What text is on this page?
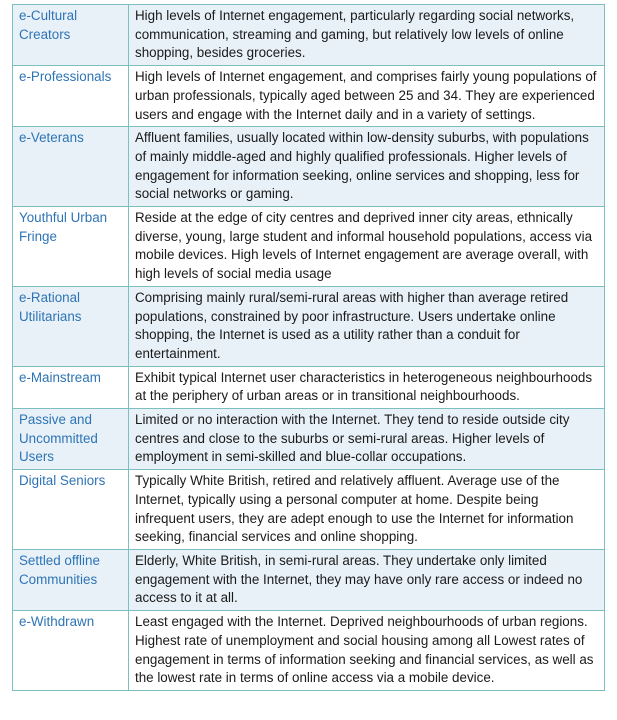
e-Cultural Creators	High levels of Internet engagement, particularly regarding social networks, communication, streaming and gaming, but relatively low levels of online shopping, besides groceries.
e-Professionals	High levels of Internet engagement, and comprises fairly young populations of urban professionals, typically aged between 25 and 34. They are experienced users and engage with the Internet daily and in a variety of settings.
e-Veterans	Affluent families, usually located within low-density suburbs, with populations of mainly middle-aged and highly qualified professionals. Higher levels of engagement for information seeking, online services and shopping, less for social networks or gaming.
Youthful Urban Fringe	Reside at the edge of city centres and deprived inner city areas, ethnically diverse, young, large student and informal household populations, access via mobile devices. High levels of Internet engagement are average overall, with high levels of social media usage
e-Rational Utilitarians	Comprising mainly rural/semi-rural areas with higher than average retired populations, constrained by poor infrastructure. Users undertake online shopping, the Internet is used as a utility rather than a conduit for entertainment.
e-Mainstream	Exhibit typical Internet user characteristics in heterogeneous neighbourhoods at the periphery of urban areas or in transitional neighbourhoods.
Passive and Uncommitted Users	Limited or no interaction with the Internet. They tend to reside outside city centres and close to the suburbs or semi-rural areas. Higher levels of employment in semi-skilled and blue-collar occupations.
Digital Seniors	Typically White British, retired and relatively affluent. Average use of the Internet, typically using a personal computer at home. Despite being infrequent users, they are adept enough to use the Internet for information seeking, financial services and online shopping.
Settled offline Communities	Elderly, White British, in semi-rural areas. They undertake only limited engagement with the Internet, they may have only rare access or indeed no access to it at all.
e-Withdrawn	Least engaged with the Internet. Deprived neighbourhoods of urban regions. Highest rate of unemployment and social housing among all Lowest rates of engagement in terms of information seeking and financial services, as well as the lowest rate in terms of online access via a mobile device.
